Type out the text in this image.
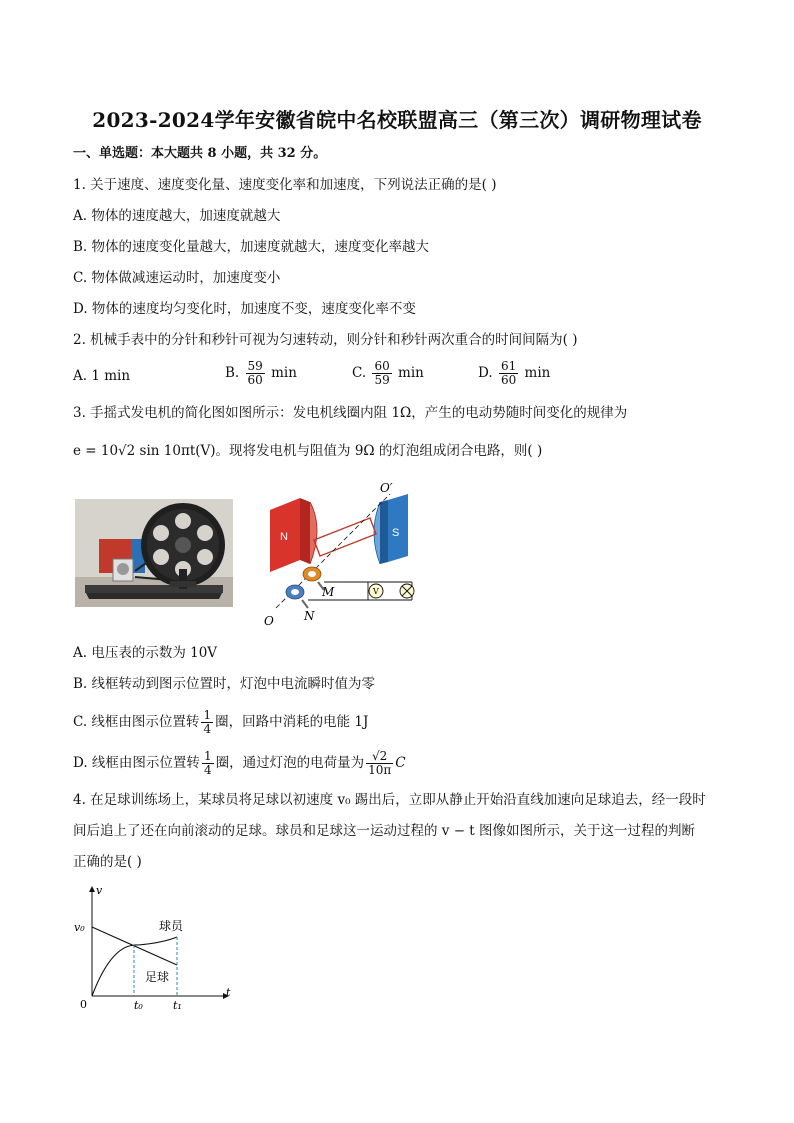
2023-2024学年安徽省皖中名校联盟高三（第三次）调研物理试卷
一、单选题：本大题共 8 小题，共 32 分。
1. 关于速度、速度变化量、速度变化率和加速度，下列说法正确的是( )
A. 物体的速度越大，加速度就越大
B. 物体的速度变化量越大，加速度就越大，速度变化率越大
C. 物体做减速运动时，加速度变小
D. 物体的速度均匀变化时，加速度不变，速度变化率不变
2. 机械手表中的分针和秒针可视为匀速转动，则分针和秒针两次重合的时间间隔为( )
A. 1 min	B. $\frac{59}{60}$ min	C. $\frac{60}{59}$ min	D. $\frac{61}{60}$ min
3. 手摇式发电机的简化图如图所示：发电机线圈内阻 1Ω，产生的电动势随时间变化的规律为
e = 10√2 sin 10πt(V)。现将发电机与阻值为 9Ω 的灯泡组成闭合电路，则( )
N	S
O′
V
M
N
O
A. 电压表的示数为 10V
B. 线框转动到图示位置时，灯泡中电流瞬时值为零
C. 线框由图示位置转 $\frac{1}{4}$ 圈，回路中消耗的电能 1J
D. 线框由图示位置转 $\frac{1}{4}$ 圈，通过灯泡的电荷量为 $\frac{√2}{10\pi}$ C
4. 在足球训练场上，某球员将足球以初速度 v₀ 踢出后，立即从静止开始沿直线加速向足球追去，经一段时
间后追上了还在向前滚动的足球。球员和足球这一运动过程的 v − t 图像如图所示，关于这一过程的判断
正确的是( )
v
t
v₀
0	t₀	t₁
球员
足球
